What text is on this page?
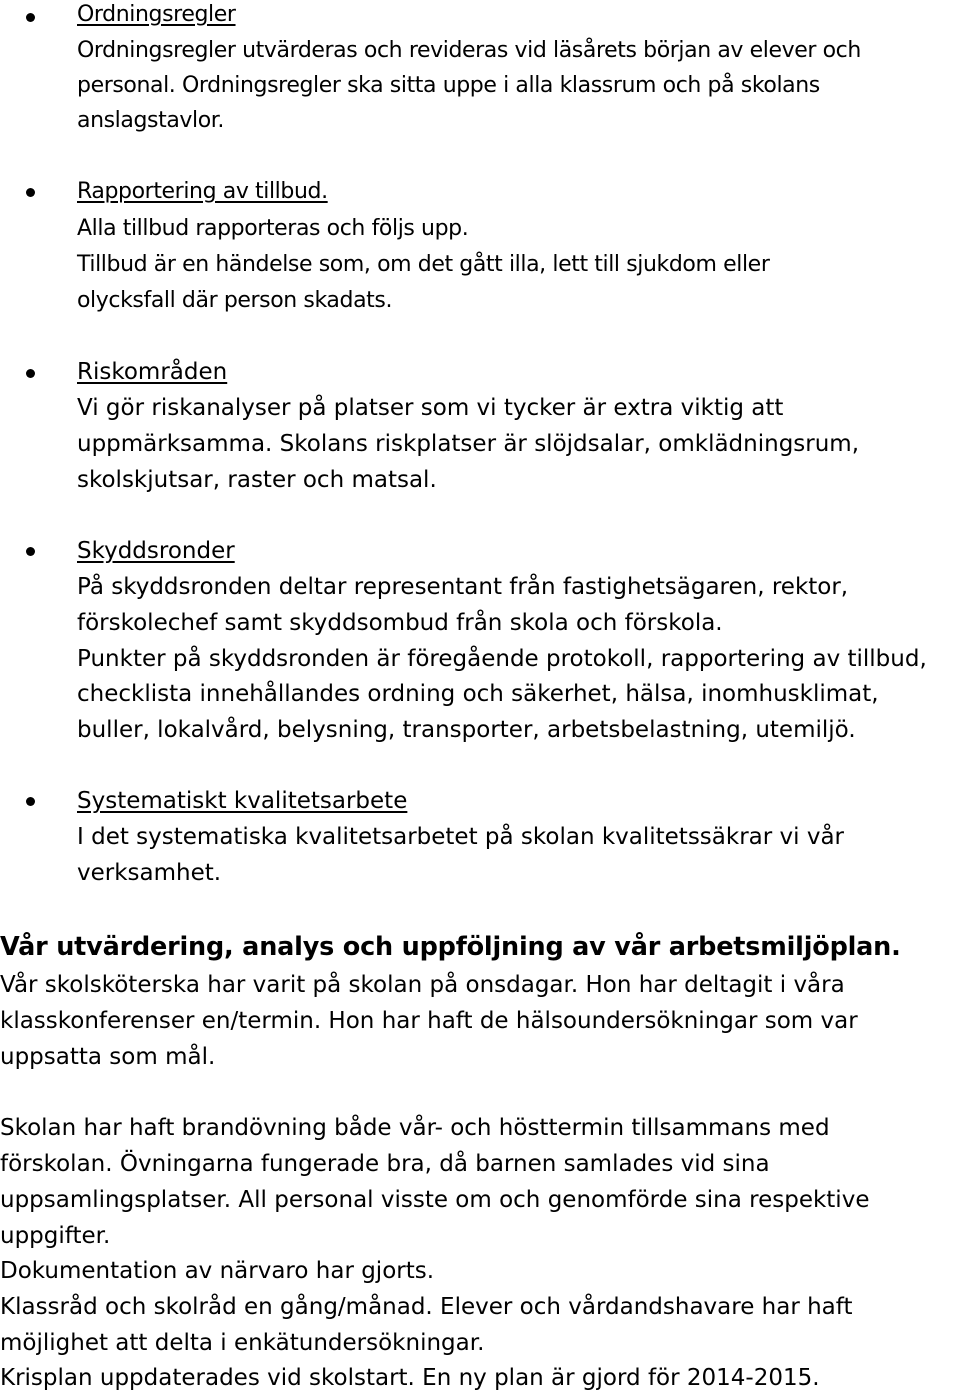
Ordningsregler
Ordningsregler utvärderas och revideras vid läsårets början av elever och
personal. Ordningsregler ska sitta uppe i alla klassrum och på skolans
anslagstavlor.
Rapportering av tillbud.
Alla tillbud rapporteras och följs upp.
Tillbud är en händelse som, om det gått illa, lett till sjukdom eller
olycksfall där person skadats.
Riskområden
Vi gör riskanalyser på platser som vi tycker är extra viktig att
uppmärksamma. Skolans riskplatser är slöjdsalar, omklädningsrum,
skolskjutsar, raster och matsal.
Skyddsronder
På skyddsronden deltar representant från fastighetsägaren, rektor,
förskolechef samt skyddsombud från skola och förskola.
Punkter på skyddsronden är föregående protokoll, rapportering av tillbud,
checklista innehållandes ordning och säkerhet, hälsa, inomhusklimat,
buller, lokalvård, belysning, transporter, arbetsbelastning, utemiljö.
Systematiskt kvalitetsarbete
I det systematiska kvalitetsarbetet på skolan kvalitetssäkrar vi vår
verksamhet.
Vår utvärdering, analys och uppföljning av vår arbetsmiljöplan.
Vår skolsköterska har varit på skolan på onsdagar. Hon har deltagit i våra
klasskonferenser en/termin. Hon har haft de hälsoundersökningar som var
uppsatta som mål.
Skolan har haft brandövning både vår- och hösttermin tillsammans med
förskolan. Övningarna fungerade bra, då barnen samlades vid sina
uppsamlingsplatser. All personal visste om och genomförde sina respektive
uppgifter.
Dokumentation av närvaro har gjorts.
Klassråd och skolråd en gång/månad. Elever och vårdandshavare har haft
möjlighet att delta i enkätundersökningar.
Krisplan uppdaterades vid skolstart. En ny plan är gjord för 2014-2015.
